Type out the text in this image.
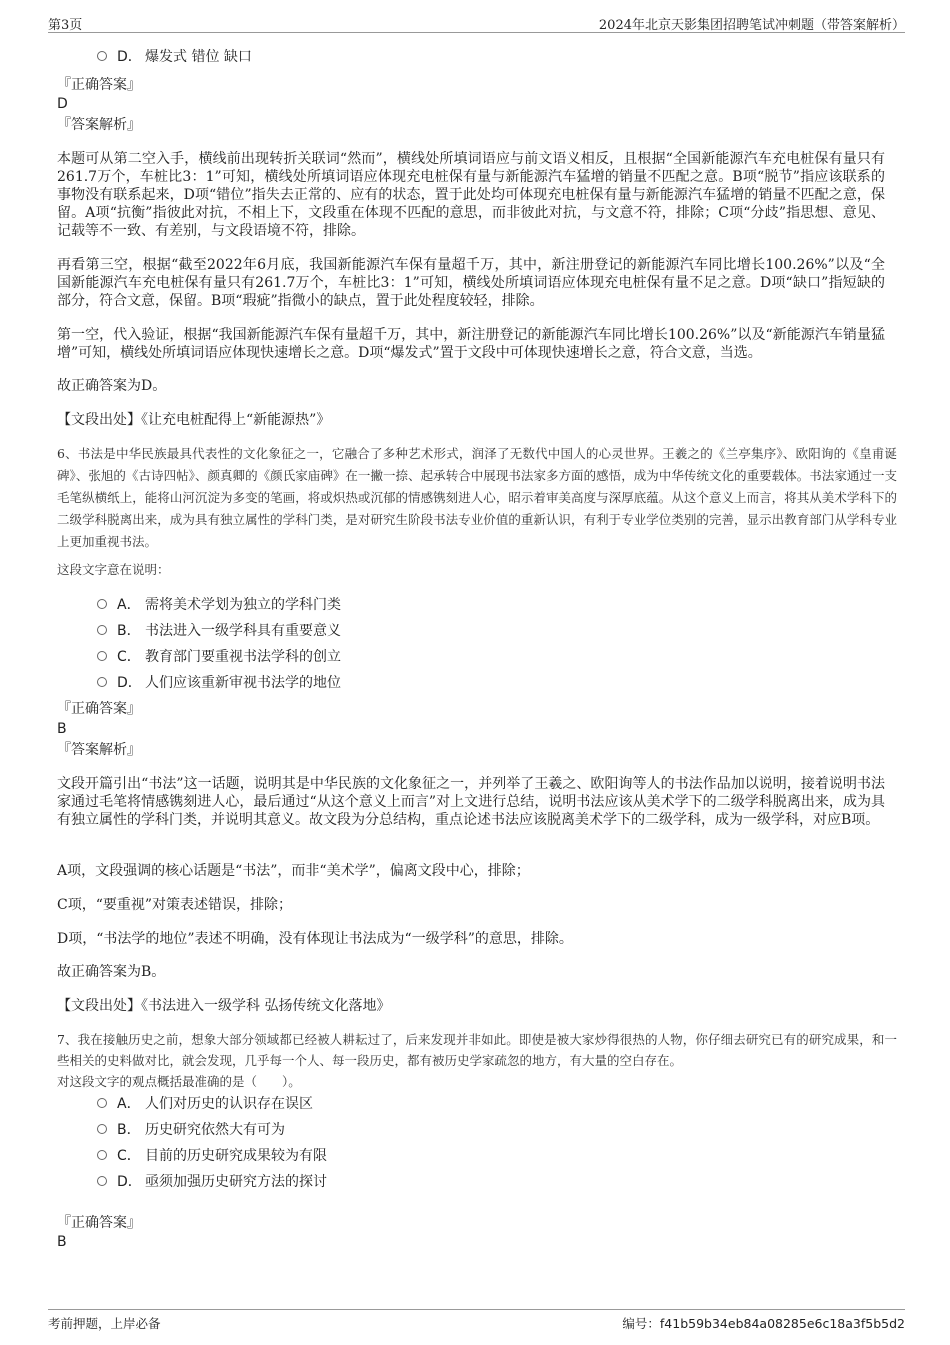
第3页	2024年北京天影集团招聘笔试冲刺题（带答案解析）
D． 爆发式 错位 缺口
『正确答案』
D
『答案解析』
本题可从第二空入手，横线前出现转折关联词“然而”，横线处所填词语应与前文语义相反，且根据“全国新能源汽车充电桩保有量只有261.7万个，车桩比3：1”可知，横线处所填词语应体现充电桩保有量与新能源汽车猛增的销量不匹配之意。B项“脱节”指应该联系的事物没有联系起来，D项“错位”指失去正常的、应有的状态，置于此处均可体现充电桩保有量与新能源汽车猛增的销量不匹配之意，保留。A项“抗衡”指彼此对抗，不相上下，文段重在体现不匹配的意思，而非彼此对抗，与文意不符，排除；C项“分歧”指思想、意见、记载等不一致、有差别，与文段语境不符，排除。
再看第三空，根据“截至2022年6月底，我国新能源汽车保有量超千万，其中，新注册登记的新能源汽车同比增长100.26%”以及“全国新能源汽车充电桩保有量只有261.7万个，车桩比3：1”可知，横线处所填词语应体现充电桩保有量不足之意。D项“缺口”指短缺的部分，符合文意，保留。B项“瑕疵”指微小的缺点，置于此处程度较轻，排除。
第一空，代入验证，根据“我国新能源汽车保有量超千万，其中，新注册登记的新能源汽车同比增长100.26%”以及“新能源汽车销量猛增”可知，横线处所填词语应体现快速增长之意。D项“爆发式”置于文段中可体现快速增长之意，符合文意，当选。
故正确答案为D。
【文段出处】《让充电桩配得上“新能源热”》
6、书法是中华民族最具代表性的文化象征之一，它融合了多种艺术形式，润泽了无数代中国人的心灵世界。王羲之的《兰亭集序》、欧阳询的《皇甫诞碑》、张旭的《古诗四帖》、颜真卿的《颜氏家庙碑》在一撇一捺、起承转合中展现书法家多方面的感悟，成为中华传统文化的重要载体。书法家通过一支毛笔纵横纸上，能将山河沉淀为多变的笔画，将或炽热或沉郁的情感镌刻进人心，昭示着审美高度与深厚底蕴。从这个意义上而言，将其从美术学科下的二级学科脱离出来，成为具有独立属性的学科门类，是对研究生阶段书法专业价值的重新认识，有利于专业学位类别的完善，显示出教育部门从学科专业上更加重视书法。
这段文字意在说明：
A． 需将美术学划为独立的学科门类
B． 书法进入一级学科具有重要意义
C． 教育部门要重视书法学科的创立
D． 人们应该重新审视书法学的地位
『正确答案』
B
『答案解析』
文段开篇引出“书法”这一话题，说明其是中华民族的文化象征之一，并列举了王羲之、欧阳询等人的书法作品加以说明，接着说明书法家通过毛笔将情感镌刻进人心，最后通过“从这个意义上而言”对上文进行总结，说明书法应该从美术学下的二级学科脱离出来，成为具有独立属性的学科门类，并说明其意义。故文段为分总结构，重点论述书法应该脱离美术学下的二级学科，成为一级学科，对应B项。
A项，文段强调的核心话题是“书法”，而非“美术学”，偏离文段中心，排除；
C项，“要重视”对策表述错误，排除；
D项，“书法学的地位”表述不明确，没有体现让书法成为“一级学科”的意思，排除。
故正确答案为B。
【文段出处】《书法进入一级学科 弘扬传统文化落地》
7、我在接触历史之前，想象大部分领域都已经被人耕耘过了，后来发现并非如此。即使是被大家炒得很热的人物，你仔细去研究已有的研究成果，和一些相关的史料做对比，就会发现，几乎每一个人、每一段历史，都有被历史学家疏忽的地方，有大量的空白存在。
对这段文字的观点概括最准确的是（　　）。
A． 人们对历史的认识存在误区
B． 历史研究依然大有可为
C． 目前的历史研究成果较为有限
D． 亟须加强历史研究方法的探讨
『正确答案』
B
考前押题，上岸必备	编号：f41b59b34eb84a08285e6c18a3f5b5d2
